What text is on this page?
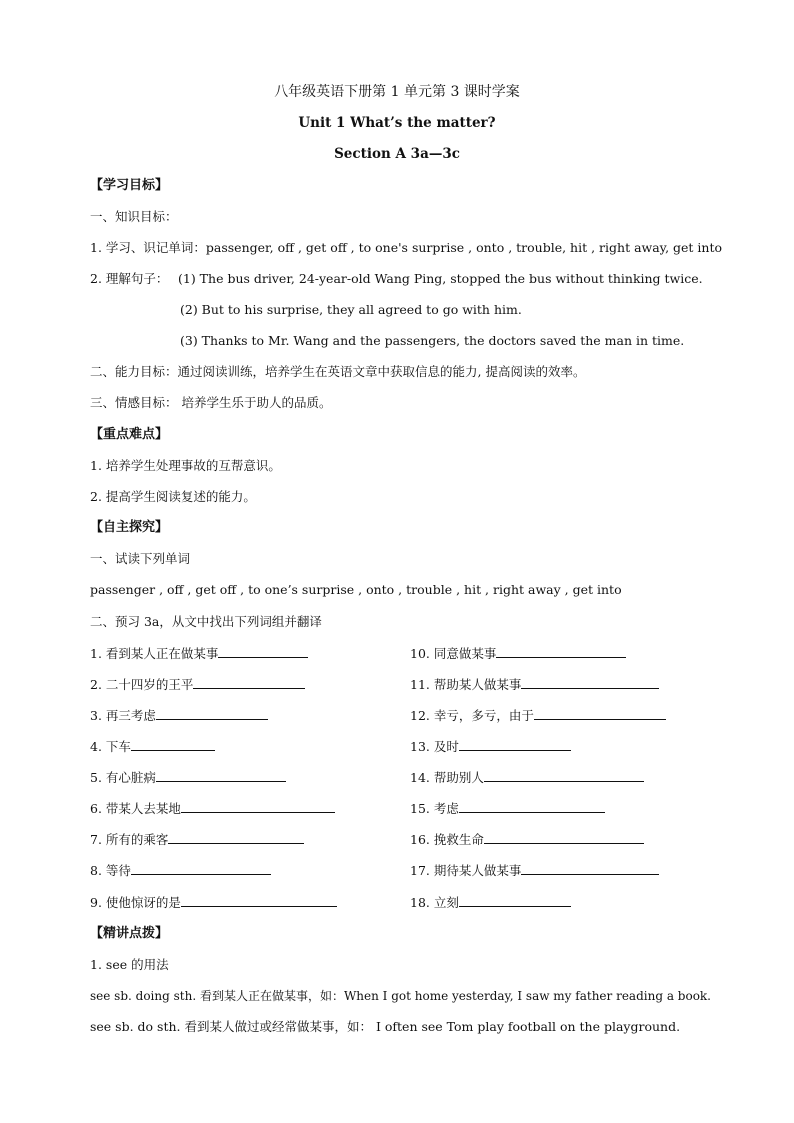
八年级英语下册第 1 单元第 3 课时学案
Unit 1 What’s the matter?
Section A 3a—3c
【学习目标】
一、知识目标：
1. 学习、识记单词：passenger, off , get off , to one's surprise , onto , trouble, hit , right away, get into
2. 理解句子： (1) The bus driver, 24-year-old Wang Ping, stopped the bus without thinking twice.
(2) But to his surprise, they all agreed to go with him.
(3) Thanks to Mr. Wang and the passengers, the doctors saved the man in time.
二、能力目标：通过阅读训练，培养学生在英语文章中获取信息的能力, 提高阅读的效率。
三、情感目标： 培养学生乐于助人的品质。
【重点难点】
1. 培养学生处理事故的互帮意识。
2. 提高学生阅读复述的能力。
【自主探究】
一、试读下列单词
passenger , off , get off , to one’s surprise , onto , trouble , hit , right away , get into
二、预习 3a，从文中找出下列词组并翻译
1. 看到某人正在做某事
2. 二十四岁的王平
3. 再三考虑
4. 下车
5. 有心脏病
6. 带某人去某地
7. 所有的乘客
8. 等待
9. 使他惊讶的是
10. 同意做某事
11. 帮助某人做某事
12. 幸亏，多亏，由于
13. 及时
14. 帮助别人
15. 考虑
16. 挽救生命
17. 期待某人做某事
18. 立刻
【精讲点拨】
1. see 的用法
see sb. doing sth. 看到某人正在做某事，如：When I got home yesterday, I saw my father reading a book.
see sb. do sth. 看到某人做过或经常做某事，如： I often see Tom play football on the playground.
